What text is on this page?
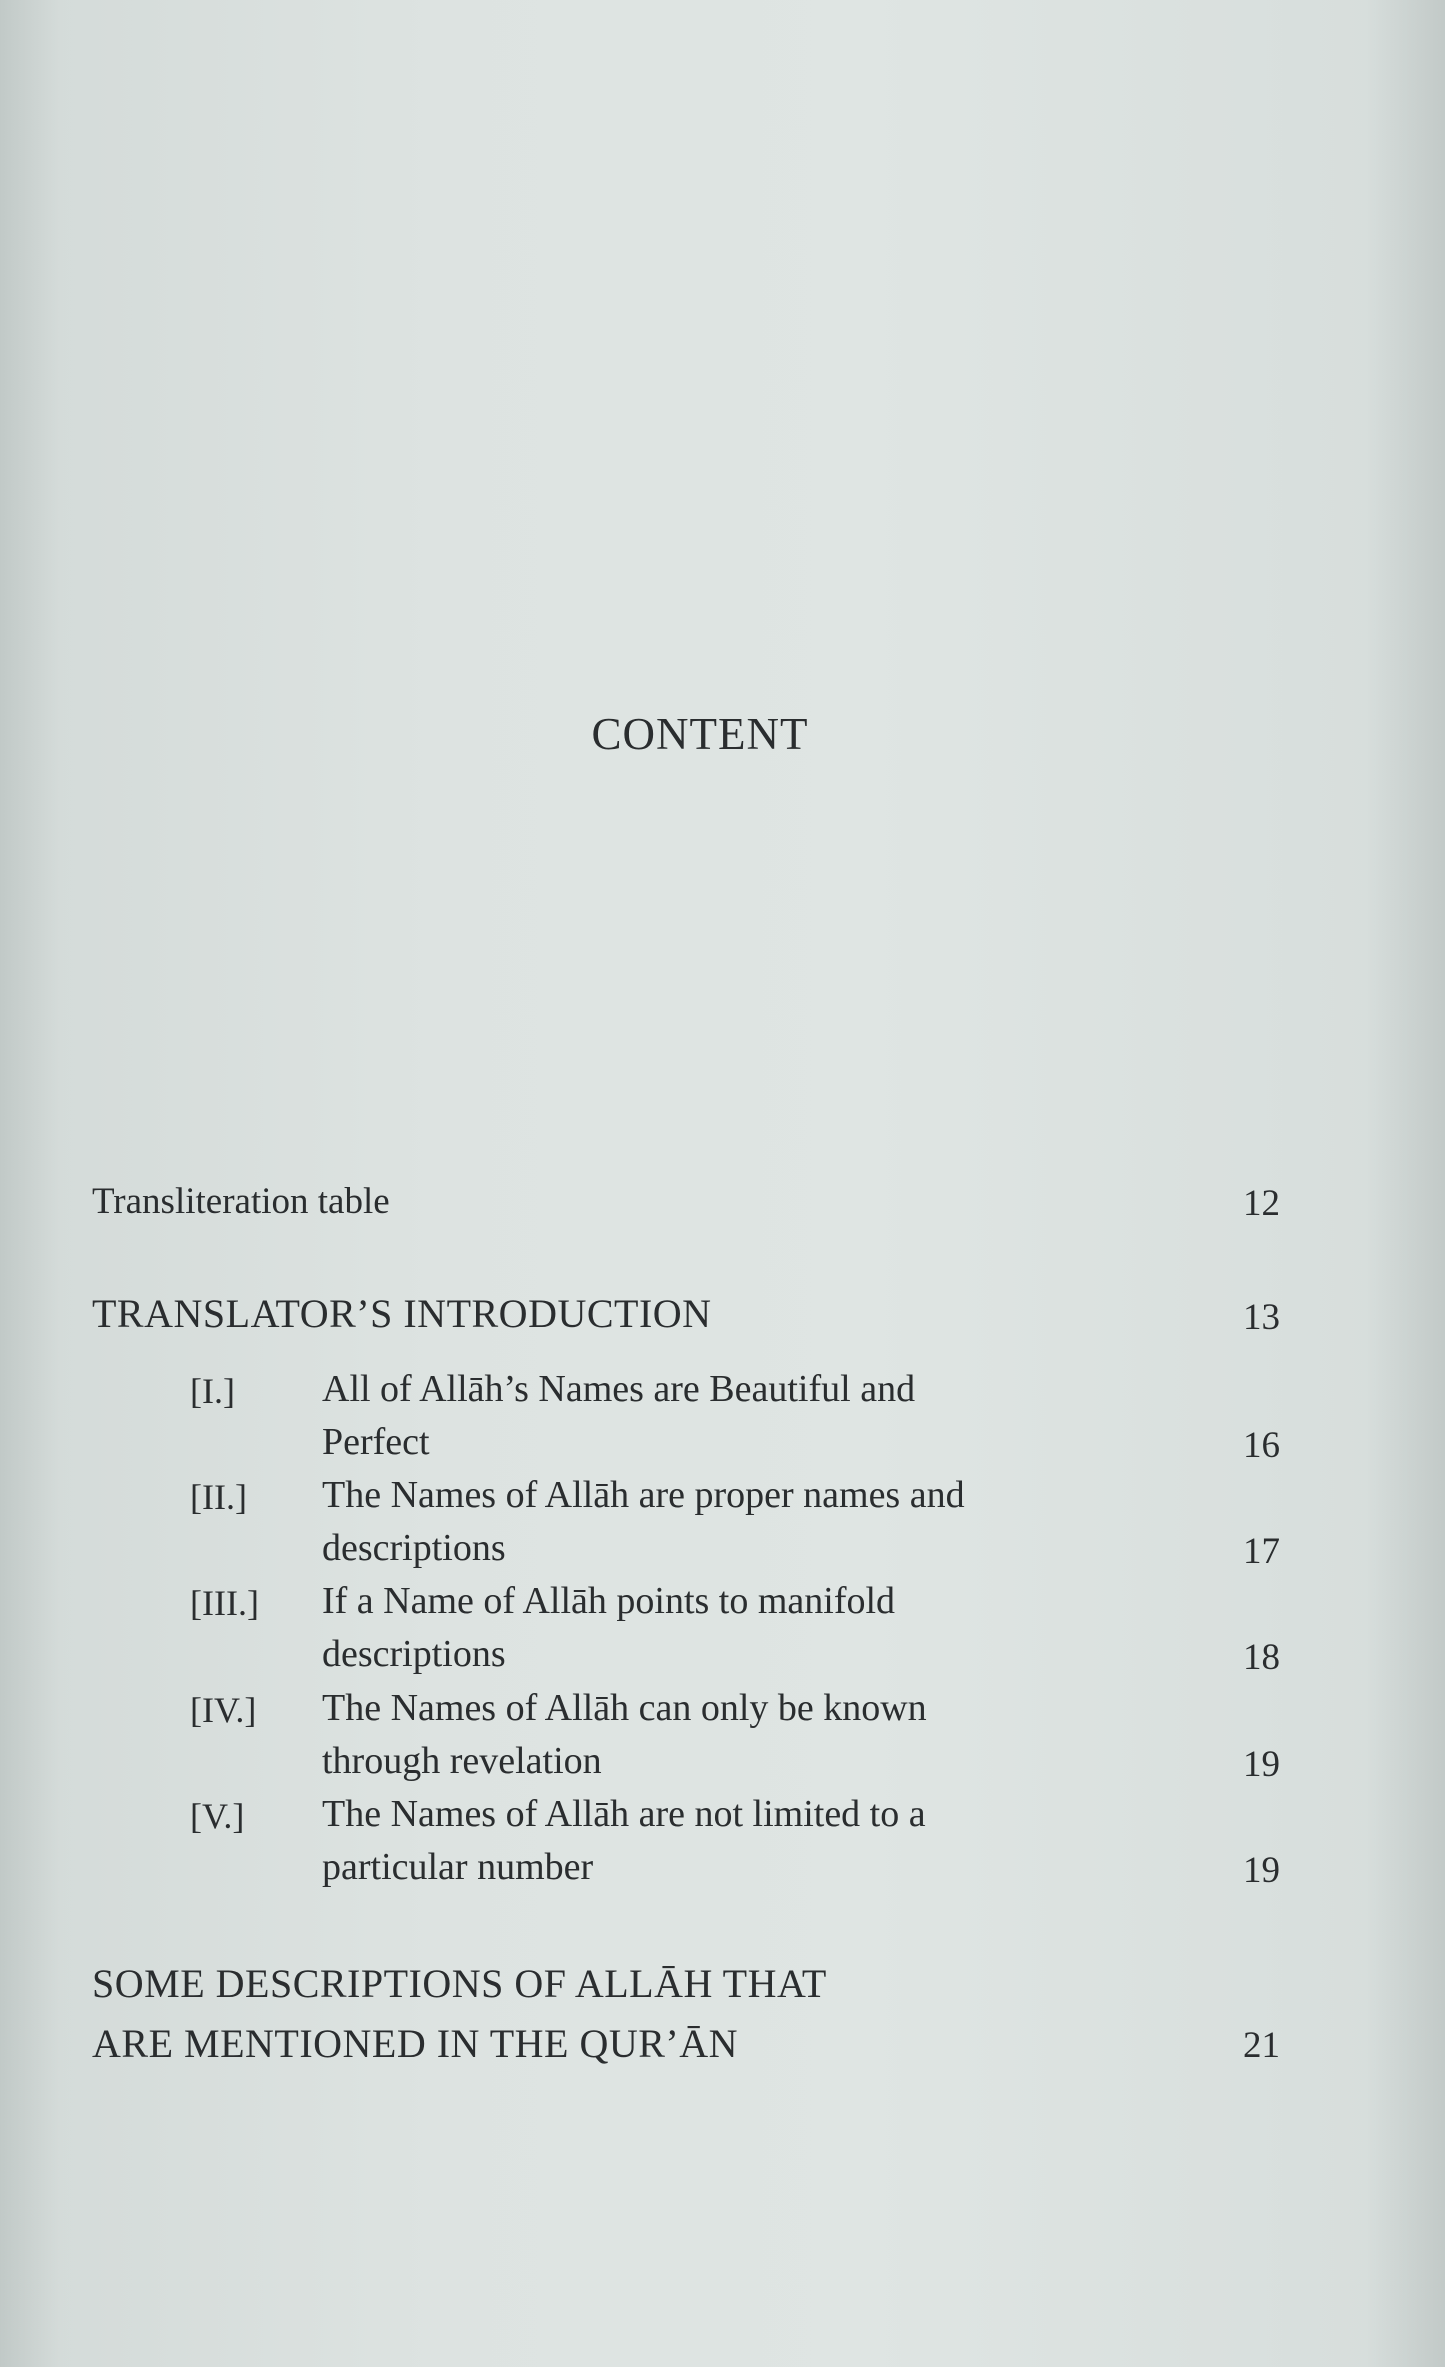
CONTENT
Transliteration table	12
TRANSLATOR’S INTRODUCTION	13
[I.] All of Allāh’s Names are Beautiful and
Perfect	16
[II.] The Names of Allāh are proper names and
descriptions	17
[III.] If a Name of Allāh points to manifold
descriptions	18
[IV.] The Names of Allāh can only be known
through revelation	19
[V.] The Names of Allāh are not limited to a
particular number	19
SOME DESCRIPTIONS OF ALLĀH THAT
ARE MENTIONED IN THE QUR’ĀN	21
